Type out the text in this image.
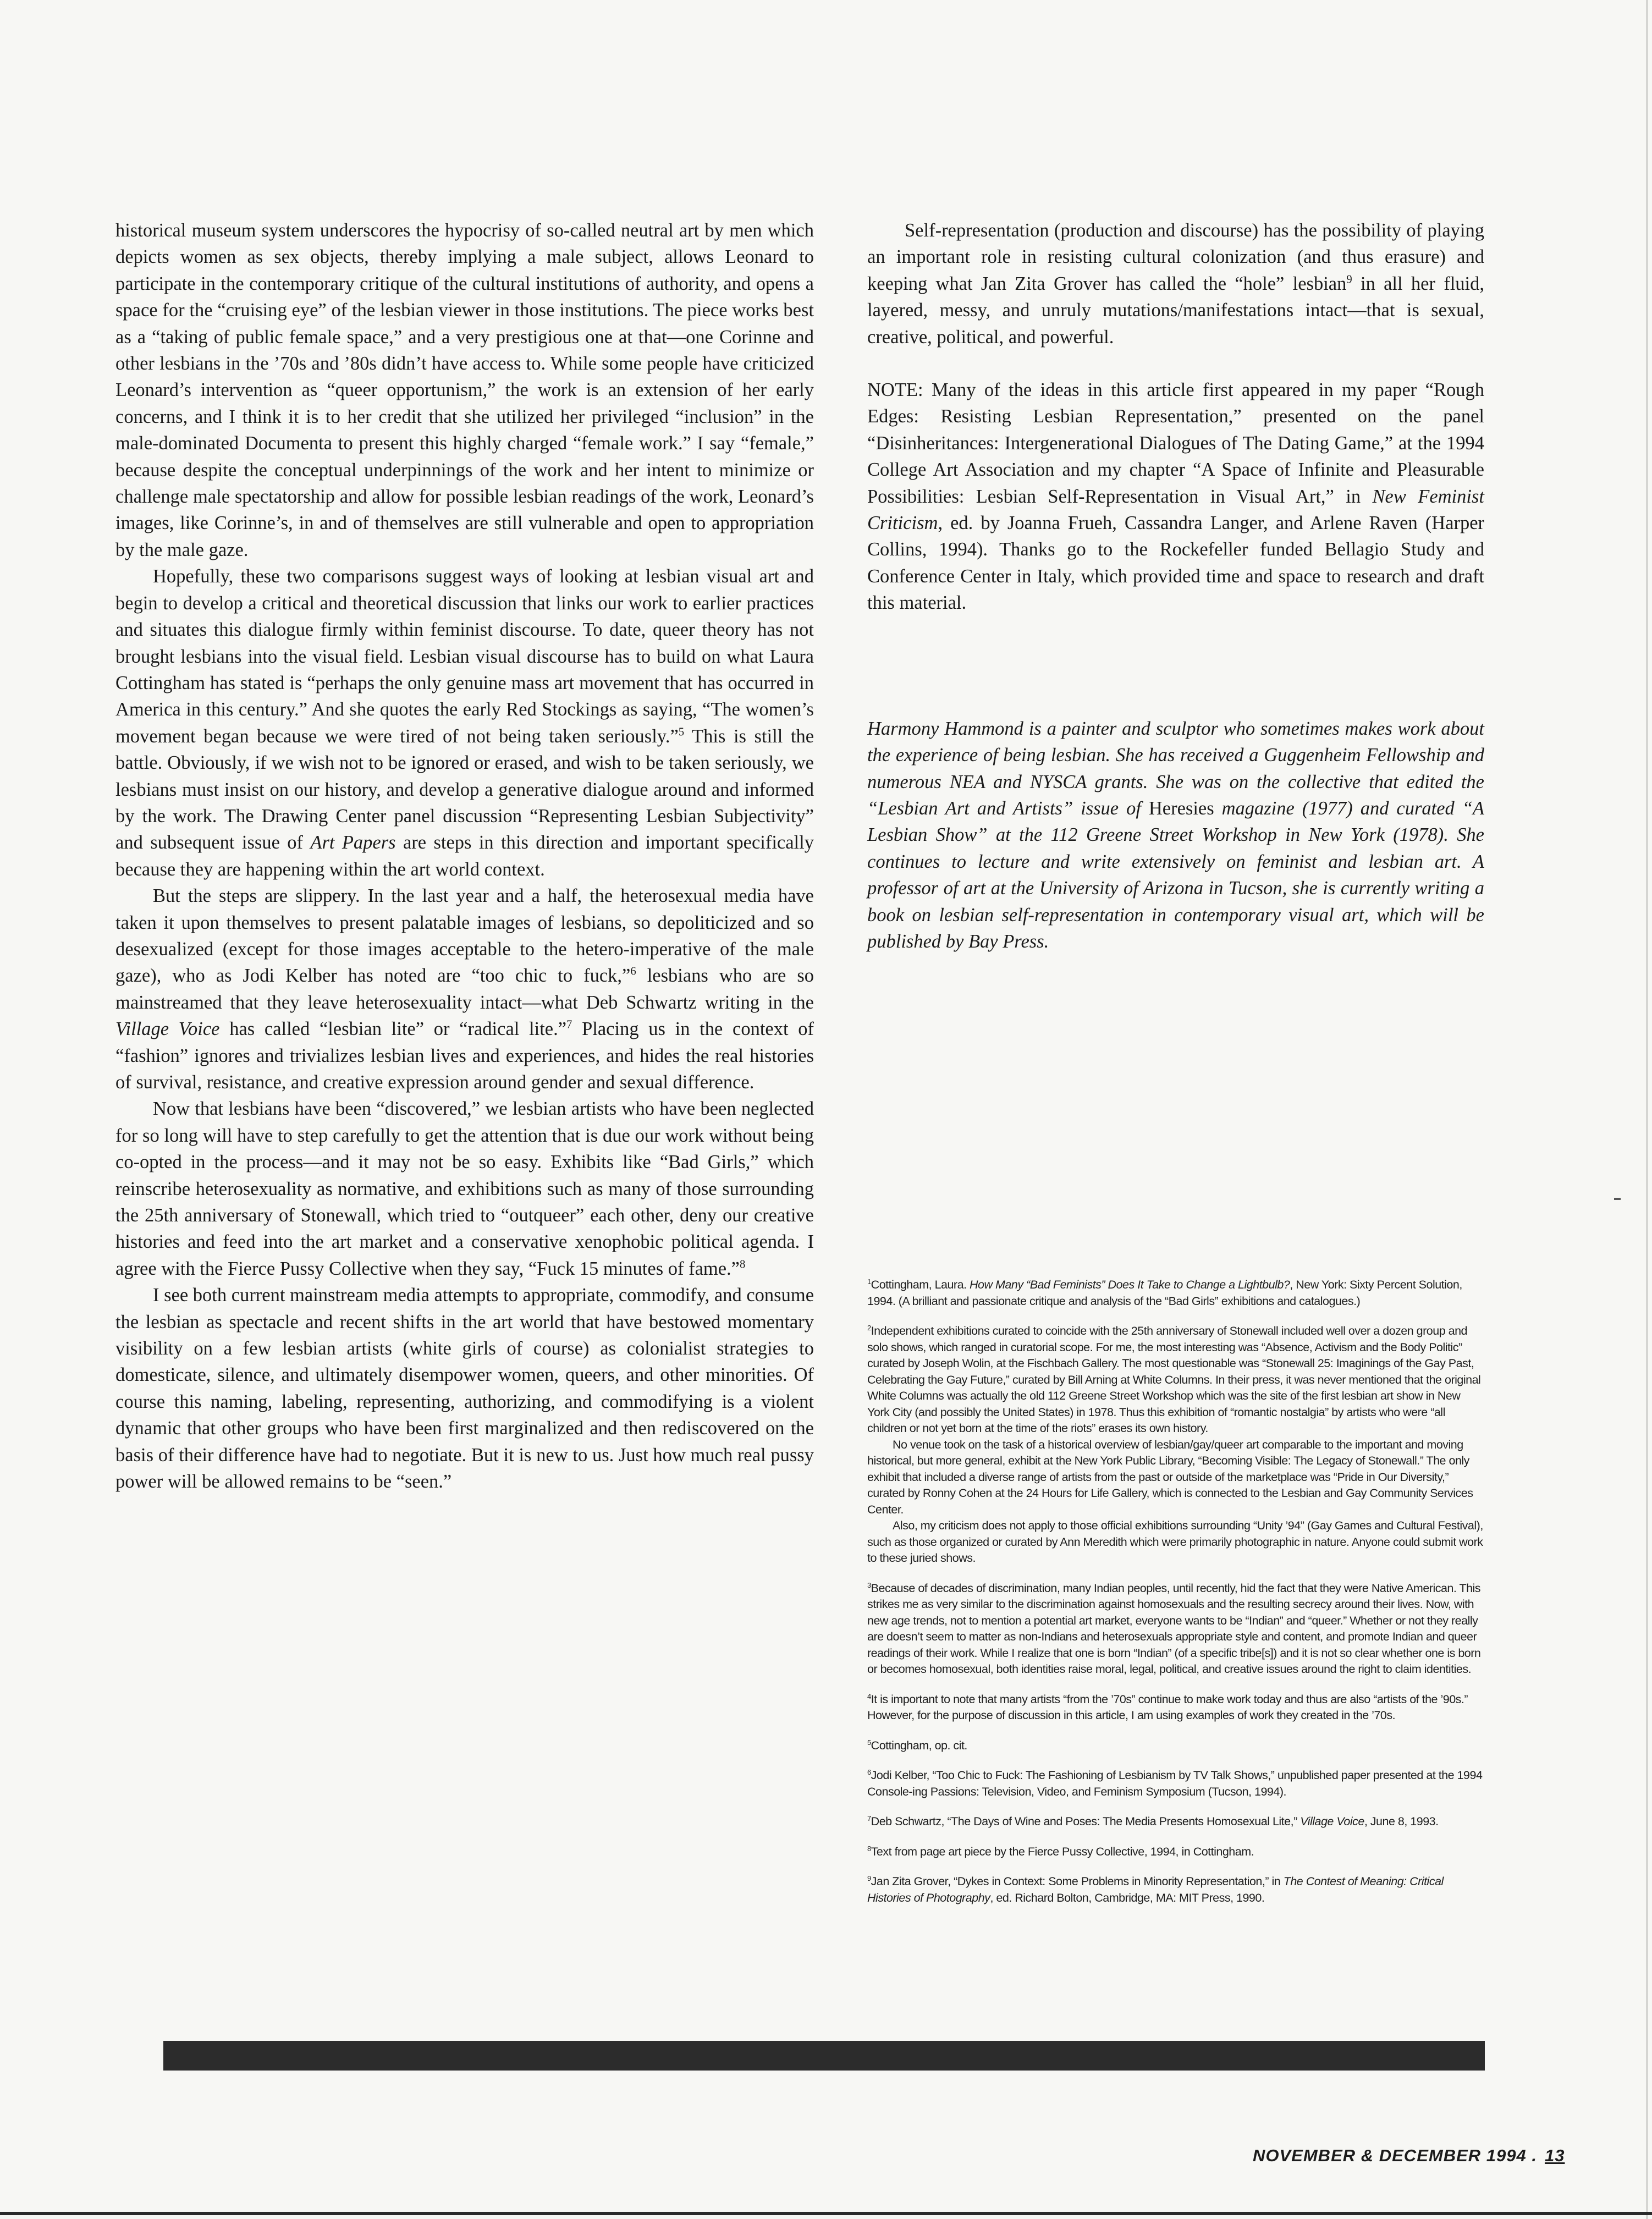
historical museum system underscores the hypocrisy of so-called neutral art by men which depicts women as sex objects, thereby implying a male subject, allows Leonard to participate in the contemporary critique of the cultural institutions of authority, and opens a space for the “cruising eye” of the lesbian viewer in those institutions. The piece works best as a “taking of public female space,” and a very prestigious one at that—one Corinne and other lesbians in the ’70s and ’80s didn’t have access to. While some people have criticized Leonard’s intervention as “queer opportunism,” the work is an extension of her early concerns, and I think it is to her credit that she utilized her privileged “inclusion” in the male-dominated Documenta to present this highly charged “female work.” I say “female,” because despite the conceptual underpinnings of the work and her intent to minimize or challenge male spectatorship and allow for possible lesbian readings of the work, Leonard’s images, like Corinne’s, in and of themselves are still vulnerable and open to appropriation by the male gaze.

Hopefully, these two comparisons suggest ways of looking at lesbian visual art and begin to develop a critical and theoretical discussion that links our work to earlier practices and situates this dialogue firmly within feminist discourse. To date, queer theory has not brought lesbians into the visual field. Lesbian visual discourse has to build on what Laura Cottingham has stated is “perhaps the only genuine mass art movement that has occurred in America in this century.” And she quotes the early Red Stockings as saying, “The women’s movement began because we were tired of not being taken seriously.”$^5$ This is still the battle. Obviously, if we wish not to be ignored or erased, and wish to be taken seriously, we lesbians must insist on our history, and develop a generative dialogue around and informed by the work. The Drawing Center panel discussion “Representing Lesbian Subjectivity” and subsequent issue of Art Papers are steps in this direction and important specifically because they are happening within the art world context.

But the steps are slippery. In the last year and a half, the heterosexual media have taken it upon themselves to present palatable images of lesbians, so depoliticized and so desexualized (except for those images acceptable to the hetero-imperative of the male gaze), who as Jodi Kelber has noted are “too chic to fuck,”$^6$ lesbians who are so mainstreamed that they leave heterosexuality intact—what Deb Schwartz writing in the Village Voice has called “lesbian lite” or “radical lite.”$^7$ Placing us in the context of “fashion” ignores and trivializes lesbian lives and experiences, and hides the real histories of survival, resistance, and creative expression around gender and sexual difference.

Now that lesbians have been “discovered,” we lesbian artists who have been neglected for so long will have to step carefully to get the attention that is due our work without being co-opted in the process—and it may not be so easy. Exhibits like “Bad Girls,” which reinscribe heterosexuality as normative, and exhibitions such as many of those surrounding the 25th anniversary of Stonewall, which tried to “outqueer” each other, deny our creative histories and feed into the art market and a conservative xenophobic political agenda. I agree with the Fierce Pussy Collective when they say, “Fuck 15 minutes of fame.”$^8$

I see both current mainstream media attempts to appropriate, commodify, and consume the lesbian as spectacle and recent shifts in the art world that have bestowed momentary visibility on a few lesbian artists (white girls of course) as colonialist strategies to domesticate, silence, and ultimately disempower women, queers, and other minorities. Of course this naming, labeling, representing, authorizing, and commodifying is a violent dynamic that other groups who have been first marginalized and then rediscovered on the basis of their difference have had to negotiate. But it is new to us. Just how much real pussy power will be allowed remains to be “seen.”

Self-representation (production and discourse) has the possibility of playing an important role in resisting cultural colonization (and thus erasure) and keeping what Jan Zita Grover has called the “hole” lesbian$^9$ in all her fluid, layered, messy, and unruly mutations/manifestations intact—that is sexual, creative, political, and powerful.

NOTE: Many of the ideas in this article first appeared in my paper “Rough Edges: Resisting Lesbian Representation,” presented on the panel “Disinheritances: Intergenerational Dialogues of The Dating Game,” at the 1994 College Art Association and my chapter “A Space of Infinite and Pleasurable Possibilities: Lesbian Self-Representation in Visual Art,” in New Feminist Criticism, ed. by Joanna Frueh, Cassandra Langer, and Arlene Raven (Harper Collins, 1994). Thanks go to the Rockefeller funded Bellagio Study and Conference Center in Italy, which provided time and space to research and draft this material.

Harmony Hammond is a painter and sculptor who sometimes makes work about the experience of being lesbian. She has received a Guggenheim Fellowship and numerous NEA and NYSCA grants. She was on the collective that edited the “Lesbian Art and Artists” issue of Heresies magazine (1977) and curated “A Lesbian Show” at the 112 Greene Street Workshop in New York (1978). She continues to lecture and write extensively on feminist and lesbian art. A professor of art at the University of Arizona in Tucson, she is currently writing a book on lesbian self-representation in contemporary visual art, which will be published by Bay Press.

$^1$Cottingham, Laura. How Many “Bad Feminists” Does It Take to Change a Lightbulb?, New York: Sixty Percent Solution, 1994. (A brilliant and passionate critique and analysis of the “Bad Girls” exhibitions and catalogues.)

$^2$Independent exhibitions curated to coincide with the 25th anniversary of Stonewall included well over a dozen group and solo shows, which ranged in curatorial scope. For me, the most interesting was “Absence, Activism and the Body Politic” curated by Joseph Wolin, at the Fischbach Gallery. The most questionable was “Stonewall 25: Imaginings of the Gay Past, Celebrating the Gay Future,” curated by Bill Arning at White Columns. In their press, it was never mentioned that the original White Columns was actually the old 112 Greene Street Workshop which was the site of the first lesbian art show in New York City (and possibly the United States) in 1978. Thus this exhibition of “romantic nostalgia” by artists who were “all children or not yet born at the time of the riots” erases its own history.

No venue took on the task of a historical overview of lesbian/gay/queer art comparable to the important and moving historical, but more general, exhibit at the New York Public Library, “Becoming Visible: The Legacy of Stonewall.” The only exhibit that included a diverse range of artists from the past or outside of the marketplace was “Pride in Our Diversity,” curated by Ronny Cohen at the 24 Hours for Life Gallery, which is connected to the Lesbian and Gay Community Services Center.

Also, my criticism does not apply to those official exhibitions surrounding “Unity ’94” (Gay Games and Cultural Festival), such as those organized or curated by Ann Meredith which were primarily photographic in nature. Anyone could submit work to these juried shows.

$^3$Because of decades of discrimination, many Indian peoples, until recently, hid the fact that they were Native American. This strikes me as very similar to the discrimination against homosexuals and the resulting secrecy around their lives. Now, with new age trends, not to mention a potential art market, everyone wants to be “Indian” and “queer.” Whether or not they really are doesn’t seem to matter as non-Indians and heterosexuals appropriate style and content, and promote Indian and queer readings of their work. While I realize that one is born “Indian” (of a specific tribe[s]) and it is not so clear whether one is born or becomes homosexual, both identities raise moral, legal, political, and creative issues around the right to claim identities.

$^4$It is important to note that many artists “from the ’70s” continue to make work today and thus are also “artists of the ’90s.” However, for the purpose of discussion in this article, I am using examples of work they created in the ’70s.

$^5$Cottingham, op. cit.

$^6$Jodi Kelber, “Too Chic to Fuck: The Fashioning of Lesbianism by TV Talk Shows,” unpublished paper presented at the 1994 Console-ing Passions: Television, Video, and Feminism Symposium (Tucson, 1994).

$^7$Deb Schwartz, “The Days of Wine and Poses: The Media Presents Homosexual Lite,” Village Voice, June 8, 1993.

$^8$Text from page art piece by the Fierce Pussy Collective, 1994, in Cottingham.

$^9$Jan Zita Grover, “Dykes in Context: Some Problems in Minority Representation,” in The Contest of Meaning: Critical Histories of Photography, ed. Richard Bolton, Cambridge, MA: MIT Press, 1990.

NOVEMBER & DECEMBER 1994 . 13
